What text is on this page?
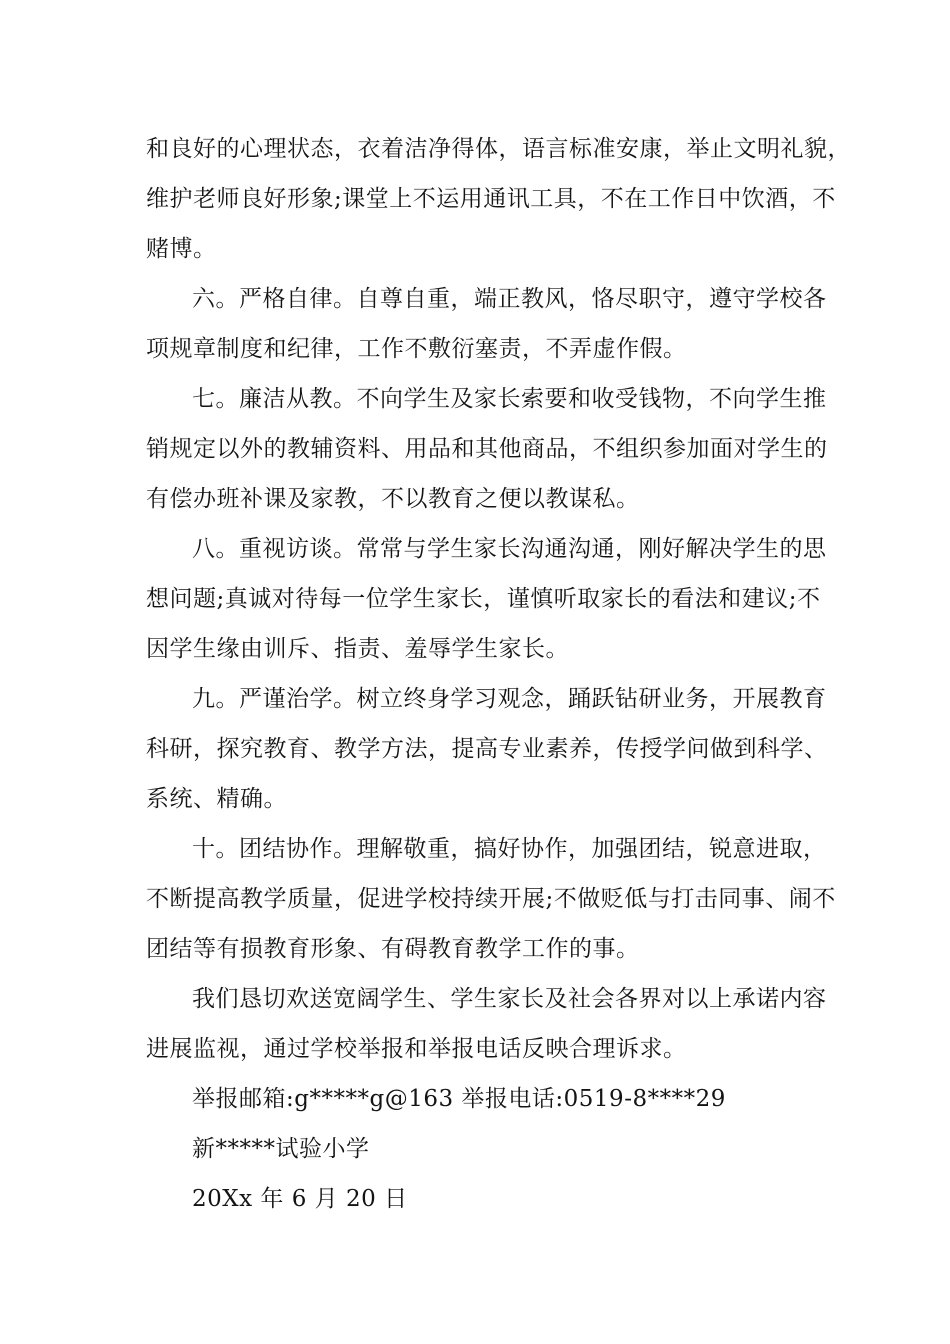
和良好的心理状态，衣着洁净得体，语言标准安康，举止文明礼貌，
维护老师良好形象;课堂上不运用通讯工具，不在工作日中饮酒，不
赌博。

六。严格自律。自尊自重，端正教风，恪尽职守，遵守学校各
项规章制度和纪律，工作不敷衍塞责，不弄虚作假。

七。廉洁从教。不向学生及家长索要和收受钱物，不向学生推
销规定以外的教辅资料、用品和其他商品，不组织参加面对学生的
有偿办班补课及家教，不以教育之便以教谋私。

八。重视访谈。常常与学生家长沟通沟通，刚好解决学生的思
想问题;真诚对待每一位学生家长，谨慎听取家长的看法和建议;不
因学生缘由训斥、指责、羞辱学生家长。

九。严谨治学。树立终身学习观念，踊跃钻研业务，开展教育
科研，探究教育、教学方法，提高专业素养，传授学问做到科学、
系统、精确。

十。团结协作。理解敬重，搞好协作，加强团结，锐意进取，
不断提高教学质量，促进学校持续开展;不做贬低与打击同事、闹不
团结等有损教育形象、有碍教育教学工作的事。

我们恳切欢送宽阔学生、学生家长及社会各界对以上承诺内容
进展监视，通过学校举报和举报电话反映合理诉求。

举报邮箱:g*****g@163 举报电话:0519-8****29

新*****试验小学

20Xx 年 6 月 20 日
